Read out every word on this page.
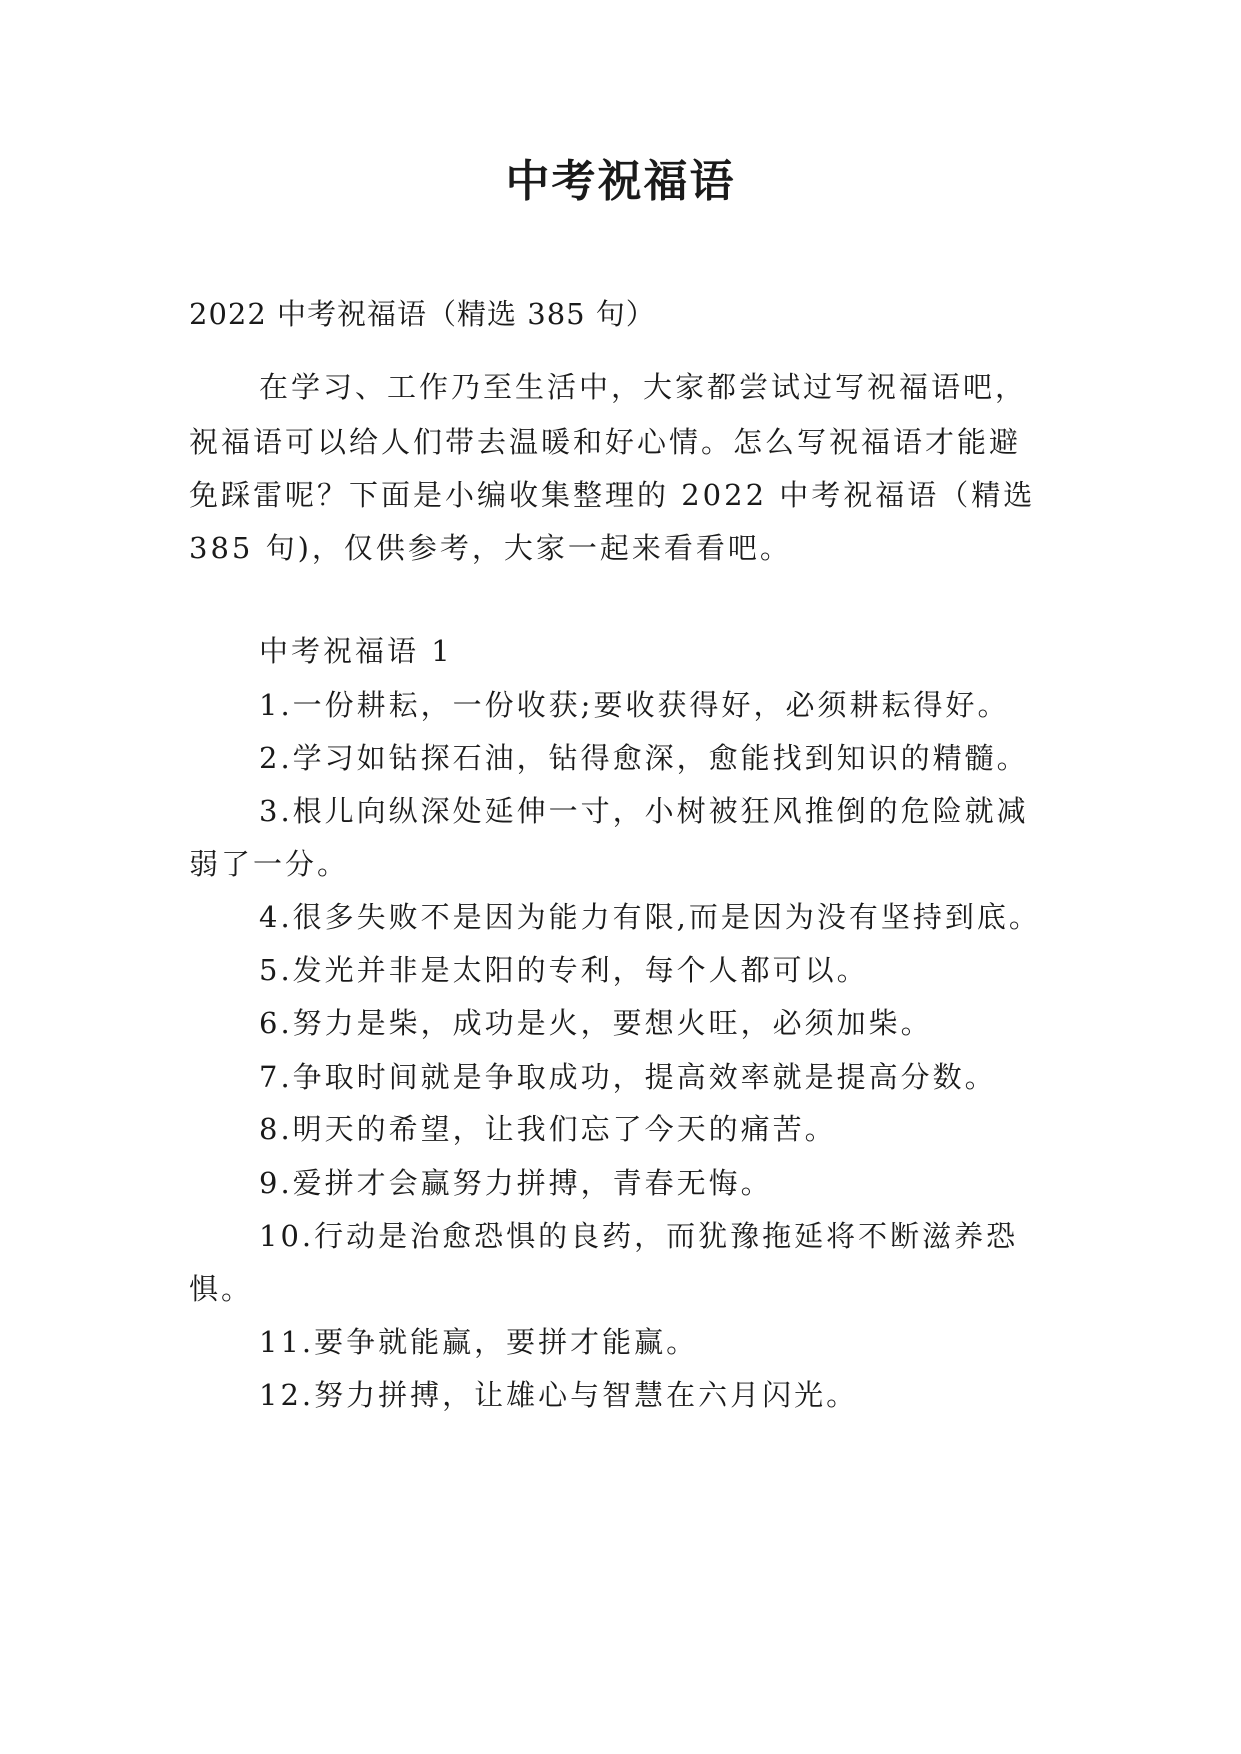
中考祝福语

2022 中考祝福语（精选 385 句）

在学习、工作乃至生活中，大家都尝试过写祝福语吧，

祝福语可以给人们带去温暖和好心情。怎么写祝福语才能避

免踩雷呢？下面是小编收集整理的 2022 中考祝福语（精选

385 句)，仅供参考，大家一起来看看吧。

中考祝福语 1

1.一份耕耘，一份收获;要收获得好，必须耕耘得好。

2.学习如钻探石油，钻得愈深，愈能找到知识的精髓。

3.根儿向纵深处延伸一寸，小树被狂风推倒的危险就减

弱了一分。

4.很多失败不是因为能力有限,而是因为没有坚持到底。

5.发光并非是太阳的专利，每个人都可以。

6.努力是柴，成功是火，要想火旺，必须加柴。

7.争取时间就是争取成功，提高效率就是提高分数。

8.明天的希望，让我们忘了今天的痛苦。

9.爱拼才会赢努力拼搏，青春无悔。

10.行动是治愈恐惧的良药，而犹豫拖延将不断滋养恐

惧。

11.要争就能赢，要拼才能赢。

12.努力拼搏，让雄心与智慧在六月闪光。
